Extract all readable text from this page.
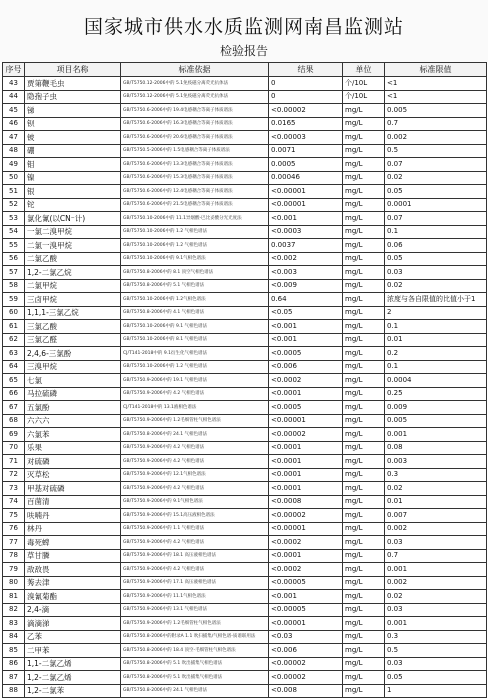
国家城市供水水质监测网南昌监测站
检验报告
序号	项目名称	标准依据	结果	单位	标准限值
43	贾第鞭毛虫	GB/T5750.12-2006中的 5.1免疫磁分离荧光抗体法	0	个/10L	<1
44	隐孢子虫	GB/T5750.12-2006中的 5.1免疫磁分离荧光抗体法	0	个/10L	<1
45	锑	GB/T5750.6-2006中的 19.4电感耦合等离子体质谱法	<0.00002	mg/L	0.005
46	钡	GB/T5750.6-2006中的 16.3电感耦合等离子体质谱法	0.0165	mg/L	0.7
47	铍	GB/T5750.6-2006中的 20.6电感耦合等离子体质谱法	<0.00003	mg/L	0.002
48	硼	GB/T5750.5-2006中的 1.5电感耦合等离子体质谱法	0.0071	mg/L	0.5
49	钼	GB/T5750.6-2006中的 13.3电感耦合等离子体质谱法	0.0005	mg/L	0.07
50	镍	GB/T5750.6-2006中的 15.3电感耦合等离子体质谱法	0.00046	mg/L	0.02
51	银	GB/T5750.6-2006中的 12.4电感耦合等离子体质谱法	<0.00001	mg/L	0.05
52	铊	GB/T5750.6-2006中的 21.5电感耦合等离子体质谱法	<0.00001	mg/L	0.0001
53	氯化氰(以CN⁻计)	GB/T5750.10-2006中的 11.1异烟酸-巴比妥酸分光光度法	<0.001	mg/L	0.07
54	一氯二溴甲烷	GB/T5750.10-2006中的 1.2 气相色谱法	<0.0003	mg/L	0.1
55	二氯一溴甲烷	GB/T5750.10-2006中的 1.2 气相色谱法	0.0037	mg/L	0.06
56	二氯乙酸	GB/T5750.10-2006中的 9.1气相色谱法	<0.002	mg/L	0.05
57	1,2-二氯乙烷	GB/T5750.8-2006中的 8.1 顶空气相色谱法	<0.003	mg/L	0.03
58	二氯甲烷	GB/T5750.8-2006中的 5.1 气相色谱法	<0.009	mg/L	0.02
59	三卤甲烷	GB/T5750.10-2006中的 1.2气相色谱法	0.64	mg/L	浓度与各自限值的比值小于1
60	1,1,1-三氯乙烷	GB/T5750.8-2006中的 4.1 气相色谱法	<0.05	mg/L	2
61	三氯乙酸	GB/T5750.10-2006中的 9.1 气相色谱法	<0.001	mg/L	0.1
62	三氯乙醛	GB/T5750.10-2006中的 8.1 气相色谱法	<0.001	mg/L	0.01
63	2,4,6-三氯酚	CJ/T141-2018中的 9.1衍生化气相色谱法	<0.0005	mg/L	0.2
64	三溴甲烷	GB/T5750.10-2006中的 1.2 气相色谱法	<0.006	mg/L	0.1
65	七氯	GB/T5750.9-2006中的 19.1 气相色谱法	<0.0002	mg/L	0.0004
66	马拉硫磷	GB/T5750.9-2006中的 4.2 气相色谱法	<0.0001	mg/L	0.25
67	五氯酚	CJ/T141-2018中的 13.1液相色谱法	<0.0005	mg/L	0.009
68	六六六	GB/T5750.9-2006中的 1.2毛细管柱气相色谱法	<0.00001	mg/L	0.005
69	六氯苯	GB/T5750.8-2006中的 24.1 气相色谱法	<0.00002	mg/L	0.001
70	乐果	GB/T5750.9-2006中的 4.2 气相色谱法	<0.0001	mg/L	0.08
71	对硫磷	GB/T5750.9-2006中的 4.2 气相色谱法	<0.0001	mg/L	0.003
72	灭草松	GB/T5750.9-2006中的 12.1气相色谱法	<0.0001	mg/L	0.3
73	甲基对硫磷	GB/T5750.9-2006中的 4.2 气相色谱法	<0.0001	mg/L	0.02
74	百菌清	GB/T5750.9-2006中的 9.1气相色谱法	<0.0008	mg/L	0.01
75	呋喃丹	GB/T5750.9-2006中的 15.1高压液相色谱法	<0.00002	mg/L	0.007
76	林丹	GB/T5750.9-2006中的 1.1 气相色谱法	<0.00001	mg/L	0.002
77	毒死蜱	GB/T5750.9-2006中的 4.2 气相色谱法	<0.0002	mg/L	0.03
78	草甘膦	GB/T5750.9-2006中的 18.1 高压液相色谱法	<0.0001	mg/L	0.7
79	敌敌畏	GB/T5750.9-2006中的 4.2 气相色谱法	<0.0002	mg/L	0.001
80	莠去津	GB/T5750.9-2006中的 17.1 高压液相色谱法	<0.00005	mg/L	0.002
81	溴氰菊酯	GB/T5750.9-2006中的 11.1气相色谱法	<0.001	mg/L	0.02
82	2,4-滴	GB/T5750.9-2006中的 13.1 气相色谱法	<0.00005	mg/L	0.03
83	滴滴涕	GB/T5750.9-2006中的 1.2毛细管柱气相色谱法	<0.00001	mg/L	0.001
84	乙苯	GB/T5750.8-2006中的附录A 1.1 吹扫捕集/气相色谱-质谱联用法	<0.03	mg/L	0.3
85	二甲苯	GB/T5750.8-2006中的 18.4 顶空-毛细管柱气相色谱法	<0.006	mg/L	0.5
86	1,1-二氯乙烯	GB/T5750.8-2006中的 5.1 吹出捕集气相色谱法	<0.00002	mg/L	0.03
87	1,2-二氯乙烯	GB/T5750.8-2006中的 5.1 吹出捕集气相色谱法	<0.00002	mg/L	0.05
88	1,2-二氯苯	GB/T5750.8-2006中的 24.1 气相色谱法	<0.008	mg/L	1
